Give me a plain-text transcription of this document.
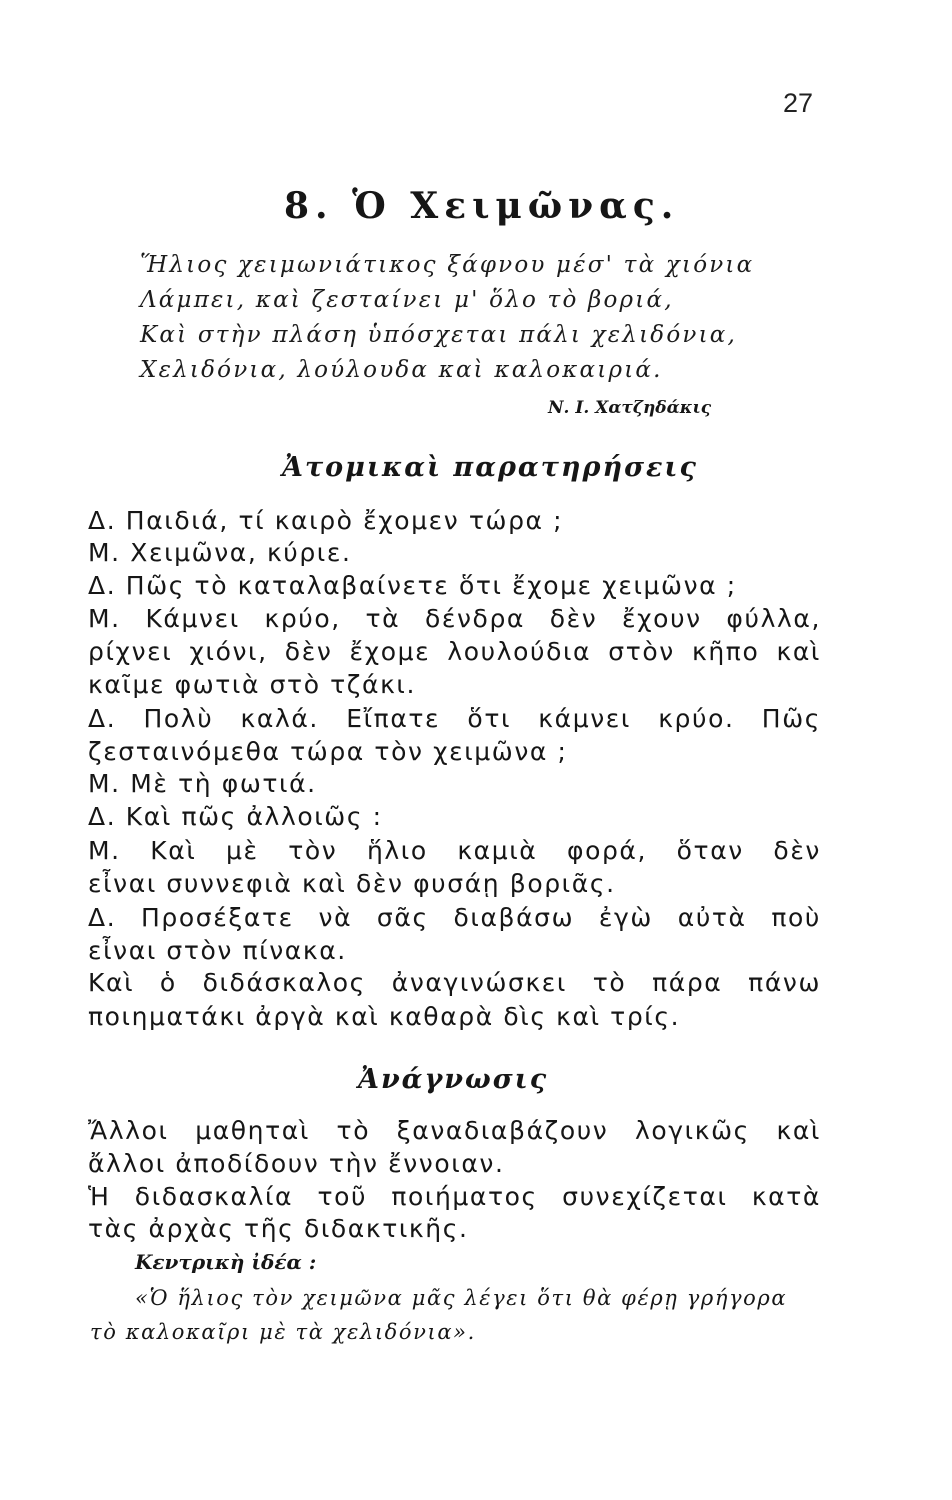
27
8. Ὁ Χειμῶνας.
Ἥλιος χειμωνιάτικος ξάφνου μέσ' τὰ χιόνια
Λάμπει, καὶ ζεσταίνει μ' ὅλο τὸ βοριά,
Καὶ στὴν πλάση ὑπόσχεται πάλι χελιδόνια,
Χελιδόνια, λούλουδα καὶ καλοκαιριά.
Ν. Ι. Χατζηδάκις
Ἀτομικαὶ παρατηρήσεις
Δ. Παιδιά, τί καιρὸ ἔχομεν τώρα ;
Μ. Χειμῶνα, κύριε.
Δ. Πῶς τὸ καταλαβαίνετε ὅτι ἔχομε χειμῶνα ;
Μ. Κάμνει κρύο, τὰ δένδρα δὲν ἔχουν φύλλα,
ρίχνει χιόνι, δὲν ἔχομε λουλούδια στὸν κῆπο καὶ
καῖμε φωτιὰ στὸ τζάκι.
Δ. Πολὺ καλά. Εἴπατε ὅτι κάμνει κρύο. Πῶς
ζεσταινόμεθα τώρα τὸν χειμῶνα ;
Μ. Μὲ τὴ φωτιά.
Δ. Καὶ πῶς ἀλλοιῶς :
Μ. Καὶ μὲ τὸν ἥλιο καμιὰ φορά, ὅταν δὲν
εἶναι συννεφιὰ καὶ δὲν φυσάῃ βοριᾶς.
Δ. Προσέξατε νὰ σᾶς διαβάσω ἐγὼ αὐτὰ ποὺ
εἶναι στὸν πίνακα.
Καὶ ὁ διδάσκαλος ἀναγινώσκει τὸ πάρα πάνω
ποιηματάκι ἀργὰ καὶ καθαρὰ δὶς καὶ τρίς.
Ἀνάγνωσις
Ἄλλοι μαθηταὶ τὸ ξαναδιαβάζουν λογικῶς καὶ
ἄλλοι ἀποδίδουν τὴν ἔννοιαν.
Ἡ διδασκαλία τοῦ ποιήματος συνεχίζεται κατὰ
τὰς ἀρχὰς τῆς διδακτικῆς.
Κεντρικὴ ἰδέα :
«Ὁ ἥλιος τὸν χειμῶνα μᾶς λέγει ὅτι θὰ φέρῃ γρήγορα
τὸ καλοκαῖρι μὲ τὰ χελιδόνια».
